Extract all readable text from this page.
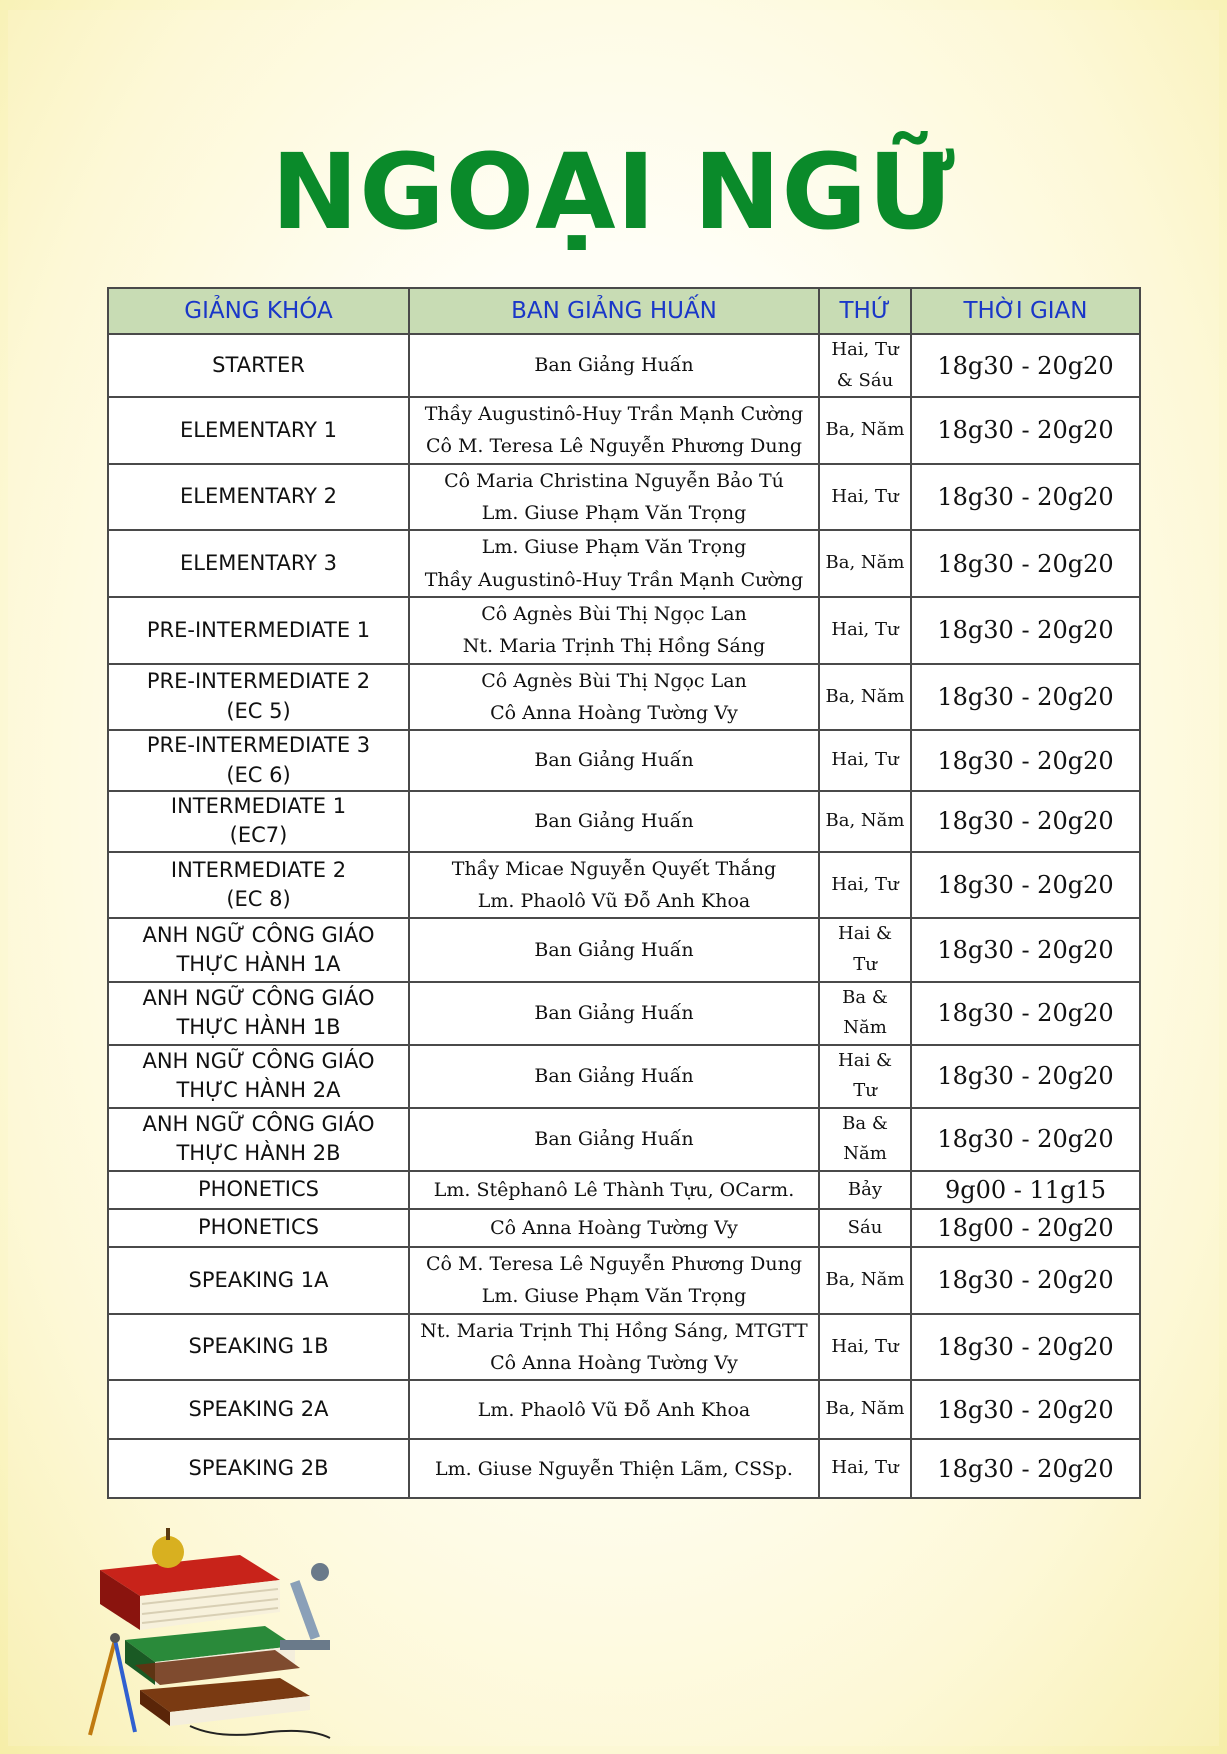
NGOẠI NGỮ
GIẢNG KHÓA	BAN GIẢNG HUẤN	THỨ	THỜI GIAN

STARTER	Ban Giảng Huấn	Hai, Tư
& Sáu	18g30 - 20g20

ELEMENTARY 1	Thầy Augustinô-Huy Trần Mạnh Cường
Cô M. Teresa Lê Nguyễn Phương Dung	Ba, Năm	18g30 - 20g20

ELEMENTARY 2	Cô Maria Christina Nguyễn Bảo Tú
Lm. Giuse Phạm Văn Trọng	Hai, Tư	18g30 - 20g20

ELEMENTARY 3	Lm. Giuse Phạm Văn Trọng
Thầy Augustinô-Huy Trần Mạnh Cường	Ba, Năm	18g30 - 20g20

PRE-INTERMEDIATE 1	Cô Agnès Bùi Thị Ngọc Lan
Nt. Maria Trịnh Thị Hồng Sáng	Hai, Tư	18g30 - 20g20

PRE-INTERMEDIATE 2
(EC 5)	Cô Agnès Bùi Thị Ngọc Lan
Cô Anna Hoàng Tường Vy	Ba, Năm	18g30 - 20g20

PRE-INTERMEDIATE 3
(EC 6)	Ban Giảng Huấn	Hai, Tư	18g30 - 20g20

INTERMEDIATE 1
(EC7)	Ban Giảng Huấn	Ba, Năm	18g30 - 20g20

INTERMEDIATE 2
(EC 8)	Thầy Micae Nguyễn Quyết Thắng
Lm. Phaolô Vũ Đỗ Anh Khoa	Hai, Tư	18g30 - 20g20

ANH NGỮ CÔNG GIÁO
THỰC HÀNH 1A	Ban Giảng Huấn	Hai &
Tư	18g30 - 20g20

ANH NGỮ CÔNG GIÁO
THỰC HÀNH 1B	Ban Giảng Huấn	Ba &
Năm	18g30 - 20g20

ANH NGỮ CÔNG GIÁO
THỰC HÀNH 2A	Ban Giảng Huấn	Hai &
Tư	18g30 - 20g20

ANH NGỮ CÔNG GIÁO
THỰC HÀNH 2B	Ban Giảng Huấn	Ba &
Năm	18g30 - 20g20

PHONETICS	Lm. Stêphanô Lê Thành Tựu, OCarm.	Bảy	9g00 - 11g15

PHONETICS	Cô Anna Hoàng Tường Vy	Sáu	18g00 - 20g20

SPEAKING 1A	Cô M. Teresa Lê Nguyễn Phương Dung
Lm. Giuse Phạm Văn Trọng	Ba, Năm	18g30 - 20g20

SPEAKING 1B	Nt. Maria Trịnh Thị Hồng Sáng, MTGTT
Cô Anna Hoàng Tường Vy	Hai, Tư	18g30 - 20g20

SPEAKING 2A	Lm. Phaolô Vũ Đỗ Anh Khoa	Ba, Năm	18g30 - 20g20

SPEAKING 2B	Lm. Giuse Nguyễn Thiện Lãm, CSSp.	Hai, Tư	18g30 - 20g20
